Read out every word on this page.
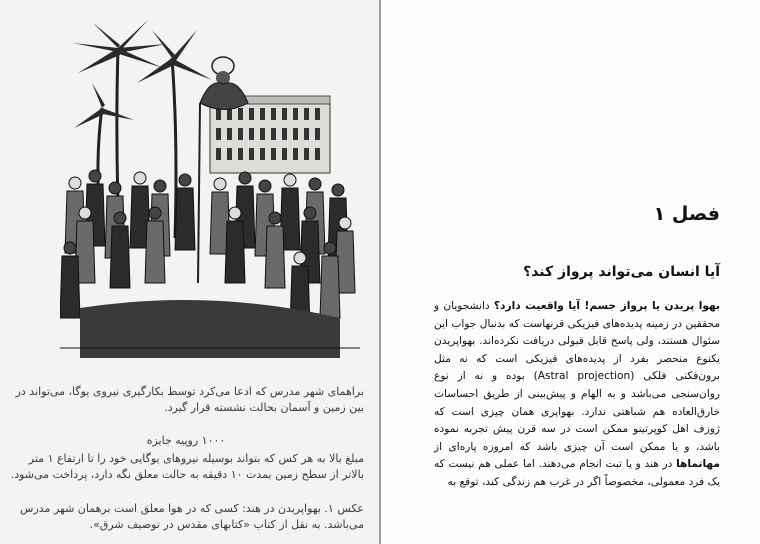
برا‌همای شهر مدرس که ادعا می‌کرد توسط بکارگیری نیروی یوگا، می‌تواند در بین زمین و آسمان بحالت نشسته قرار گیرد.
۱۰۰۰ روپیه جایزه
مبلغ بالا به هر کس که بتواند بوسیله نیروهای یوگایی خود را تا ارتفاع ۱ متر بالاتر از سطح زمین بمدت ۱۰ دقیقه به حالت معلق نگه دارد، پرداخت می‌شود.
عکس ۱. بهواپریدن در هند: کسی که در هوا معلق است برهمان شهر مدرس می‌باشد. به نقل از کتاب «کتابهای مقدس در توصیف شرق».
فصل ۱
آیا انسان می‌تواند پرواز کند؟

بهوا پریدن یا پرواز جسم! آیا واقعیت دارد؟ دانشجویان و محققین در زمینه پدیده‌های فیزیکی قرنهاست که بدنبال جواب این سئوال هستند، ولی پاسخ قابل قبولی دریافت نکرده‌اند. بهواپریدن یکنوع منحصر بفرد از پدیده‌های فیزیکی است که نه مثل برون‌فکنی فلکی (Astral projection) بوده و نه از نوع روان‌سنجی می‌باشد و به الهام و پیش‌بینی از طریق احساسات خارق‌العاده هم شباهتی ندارد. بهواپری همان چیزی است که ژوزف اهل کوپرتینو ممکن است در سه قرن پیش تجربه نموده باشد، و یا ممکن است آن چیزی باشد که امروزه پاره‌ای از مهاتماها در هند و یا تبت انجام می‌دهند. اما عملی هم نیست که یک فرد معمولی، مخصوصاً اگر در غرب هم زندگی کند، توقع به
